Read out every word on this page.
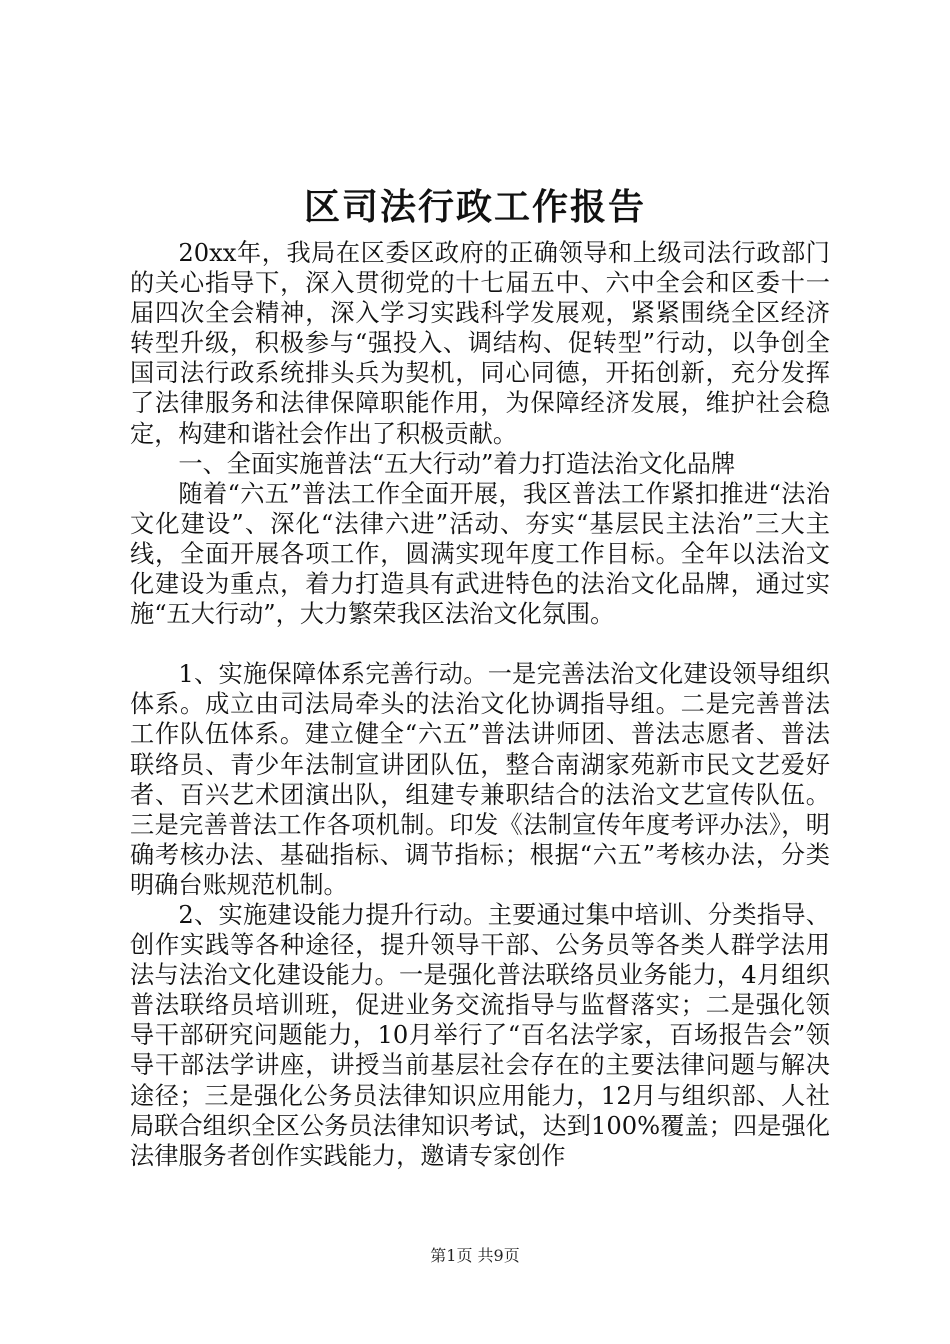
区司法行政工作报告

20xx年，我局在区委区政府的正确领导和上级司法行政部门的关心指导下，深入贯彻党的十七届五中、六中全会和区委十一届四次全会精神，深入学习实践科学发展观，紧紧围绕全区经济转型升级，积极参与“强投入、调结构、促转型”行动，以争创全国司法行政系统排头兵为契机，同心同德，开拓创新，充分发挥了法律服务和法律保障职能作用，为保障经济发展，维护社会稳定，构建和谐社会作出了积极贡献。

一、全面实施普法“五大行动”着力打造法治文化品牌

随着“六五”普法工作全面开展，我区普法工作紧扣推进“法治文化建设”、深化“法律六进”活动、夯实“基层民主法治”三大主线，全面开展各项工作，圆满实现年度工作目标。全年以法治文化建设为重点，着力打造具有武进特色的法治文化品牌，通过实施“五大行动”，大力繁荣我区法治文化氛围。

1、实施保障体系完善行动。一是完善法治文化建设领导组织体系。成立由司法局牵头的法治文化协调指导组。二是完善普法工作队伍体系。建立健全“六五”普法讲师团、普法志愿者、普法联络员、青少年法制宣讲团队伍，整合南湖家苑新市民文艺爱好者、百兴艺术团演出队，组建专兼职结合的法治文艺宣传队伍。三是完善普法工作各项机制。印发《法制宣传年度考评办法》，明确考核办法、基础指标、调节指标；根据“六五”考核办法，分类明确台账规范机制。

2、实施建设能力提升行动。主要通过集中培训、分类指导、创作实践等各种途径，提升领导干部、公务员等各类人群学法用法与法治文化建设能力。一是强化普法联络员业务能力，4月组织普法联络员培训班，促进业务交流指导与监督落实；二是强化领导干部研究问题能力，10月举行了“百名法学家，百场报告会”领导干部法学讲座，讲授当前基层社会存在的主要法律问题与解决途径；三是强化公务员法律知识应用能力，12月与组织部、人社局联合组织全区公务员法律知识考试，达到100%覆盖；四是强化法律服务者创作实践能力，邀请专家创作

第1页 共9页
